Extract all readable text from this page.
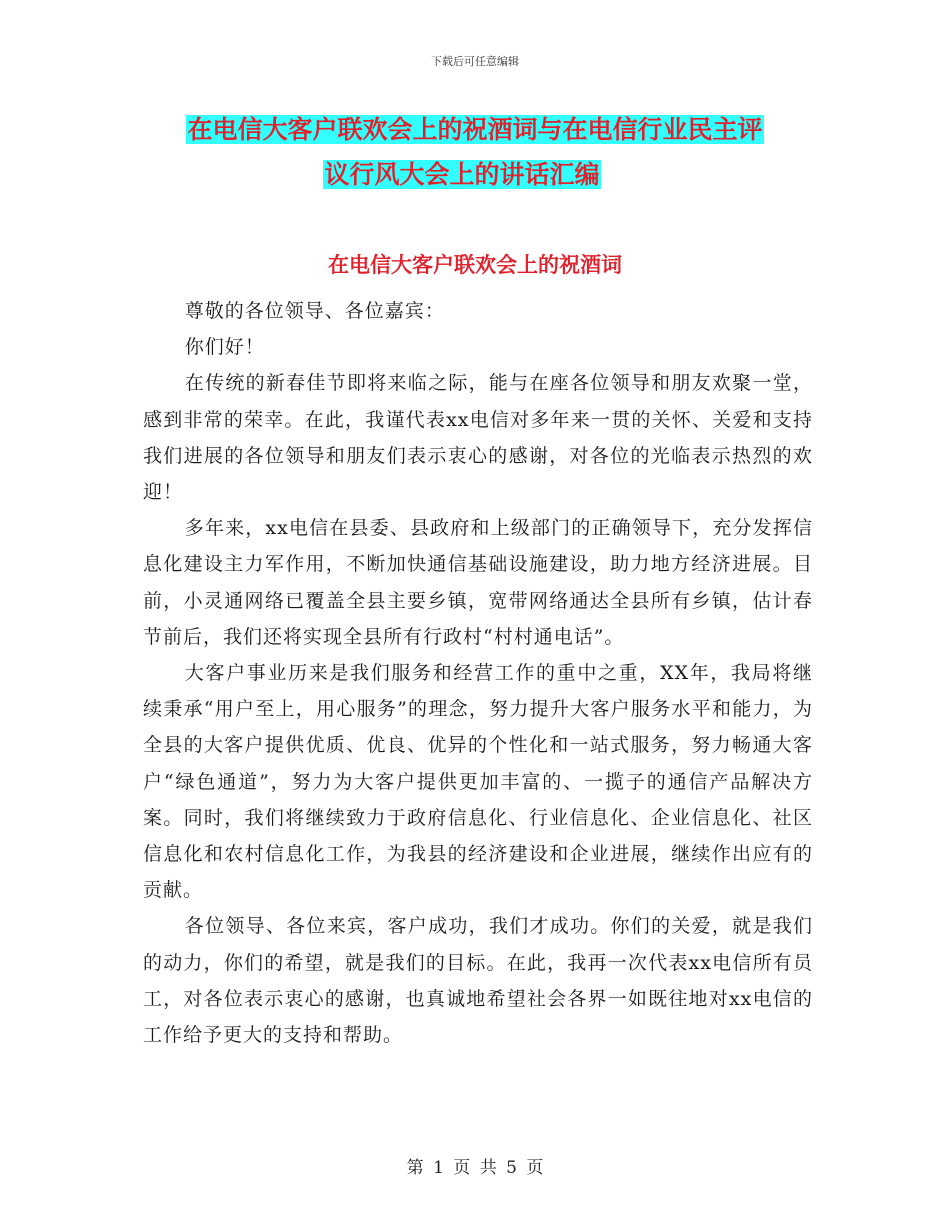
下载后可任意编辑
在电信大客户联欢会上的祝酒词与在电信行业民主评
议行风大会上的讲话汇编
在电信大客户联欢会上的祝酒词

尊敬的各位领导、各位嘉宾：

你们好！

在传统的新春佳节即将来临之际，能与在座各位领导和朋友欢聚一堂，感到非常的荣幸。在此，我谨代表xx电信对多年来一贯的关怀、关爱和支持我们进展的各位领导和朋友们表示衷心的感谢，对各位的光临表示热烈的欢迎！

多年来，xx电信在县委、县政府和上级部门的正确领导下，充分发挥信息化建设主力军作用，不断加快通信基础设施建设，助力地方经济进展。目前，小灵通网络已覆盖全县主要乡镇，宽带网络通达全县所有乡镇，估计春节前后，我们还将实现全县所有行政村“村村通电话”。

大客户事业历来是我们服务和经营工作的重中之重，XX年，我局将继续秉承“用户至上，用心服务”的理念，努力提升大客户服务水平和能力，为全县的大客户提供优质、优良、优异的个性化和一站式服务，努力畅通大客户“绿色通道”，努力为大客户提供更加丰富的、一揽子的通信产品解决方案。同时，我们将继续致力于政府信息化、行业信息化、企业信息化、社区信息化和农村信息化工作，为我县的经济建设和企业进展，继续作出应有的贡献。

各位领导、各位来宾，客户成功，我们才成功。你们的关爱，就是我们的动力，你们的希望，就是我们的目标。在此，我再一次代表xx电信所有员工，对各位表示衷心的感谢，也真诚地希望社会各界一如既往地对xx电信的工作给予更大的支持和帮助。

第 1 页 共 5 页
